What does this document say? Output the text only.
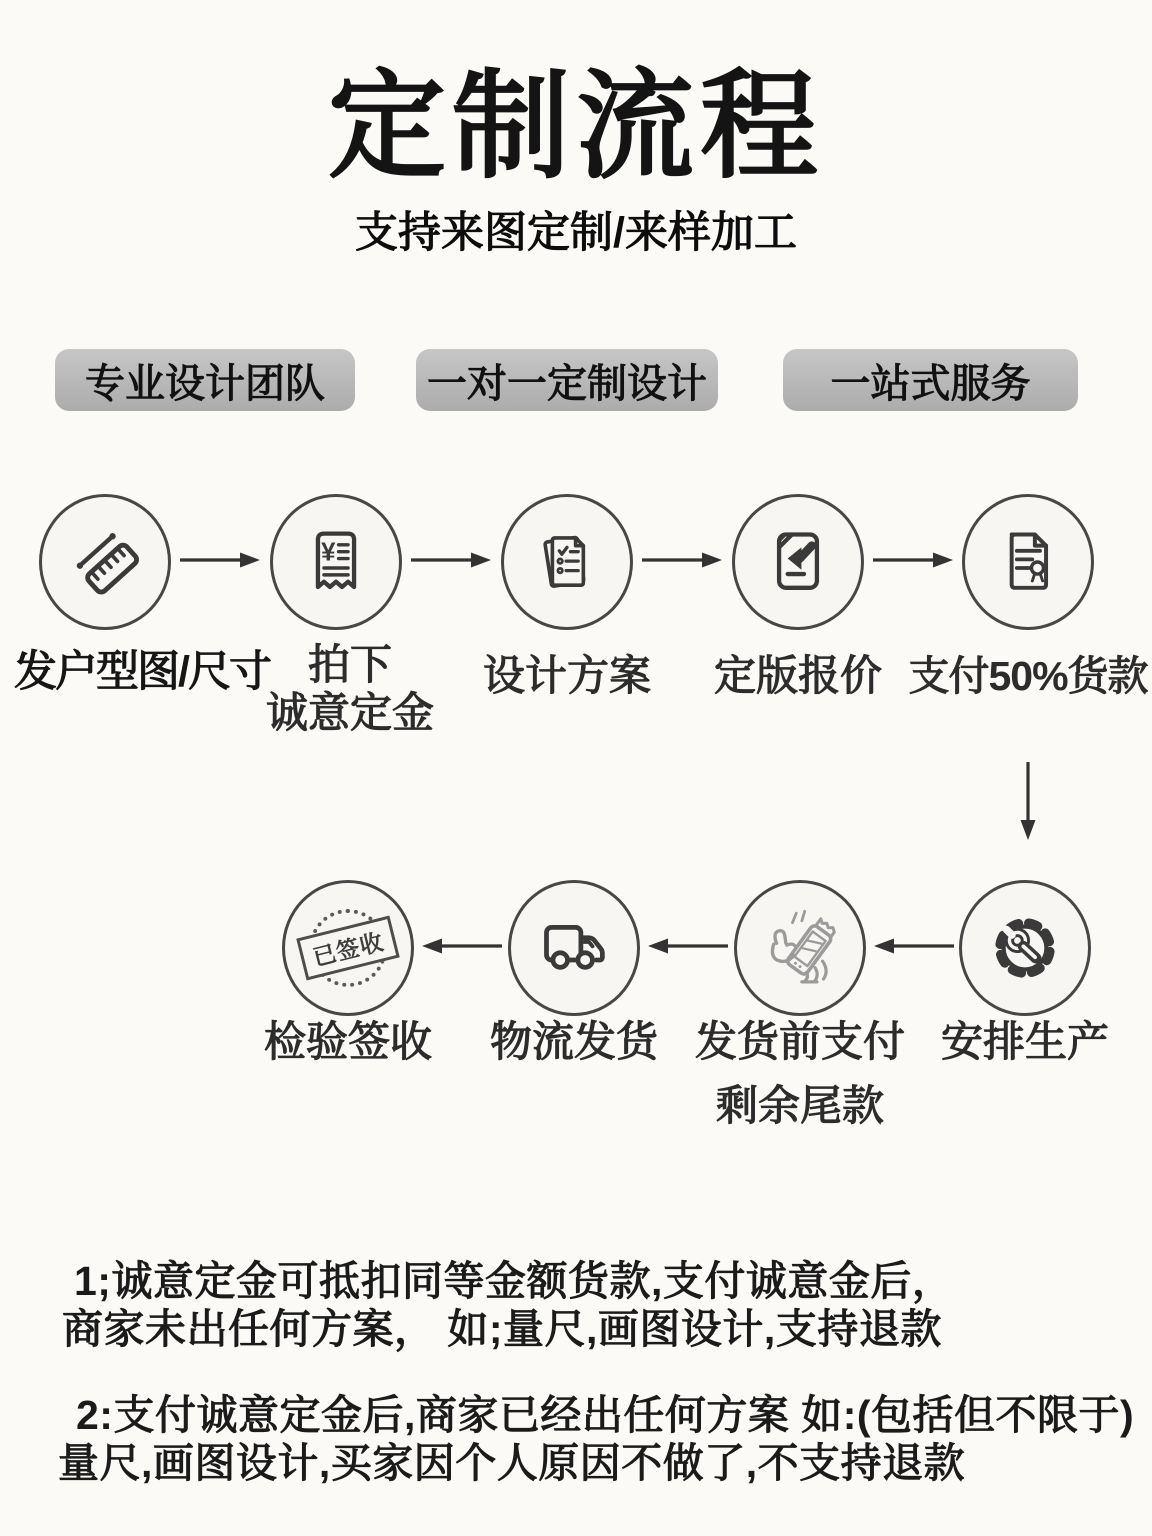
定制流程
支持来图定制/来样加工
专业设计团队	一对一定制设计	一站式服务
¥
发户型图/尺寸 拍下
诚意定金
设计方案	定版报价 支付50%货款
已签收
检验签收	物流发货 发货前支付
剩余尾款
安排生产
1;诚意定金可抵扣同等金额货款,支付诚意金后，
商家未出任何方案， 如;量尺,画图设计,支持退款
2:支付诚意定金后,商家已经出任何方案 如:(包括但不限于)
量尺,画图设计,买家因个人原因不做了,不支持退款
